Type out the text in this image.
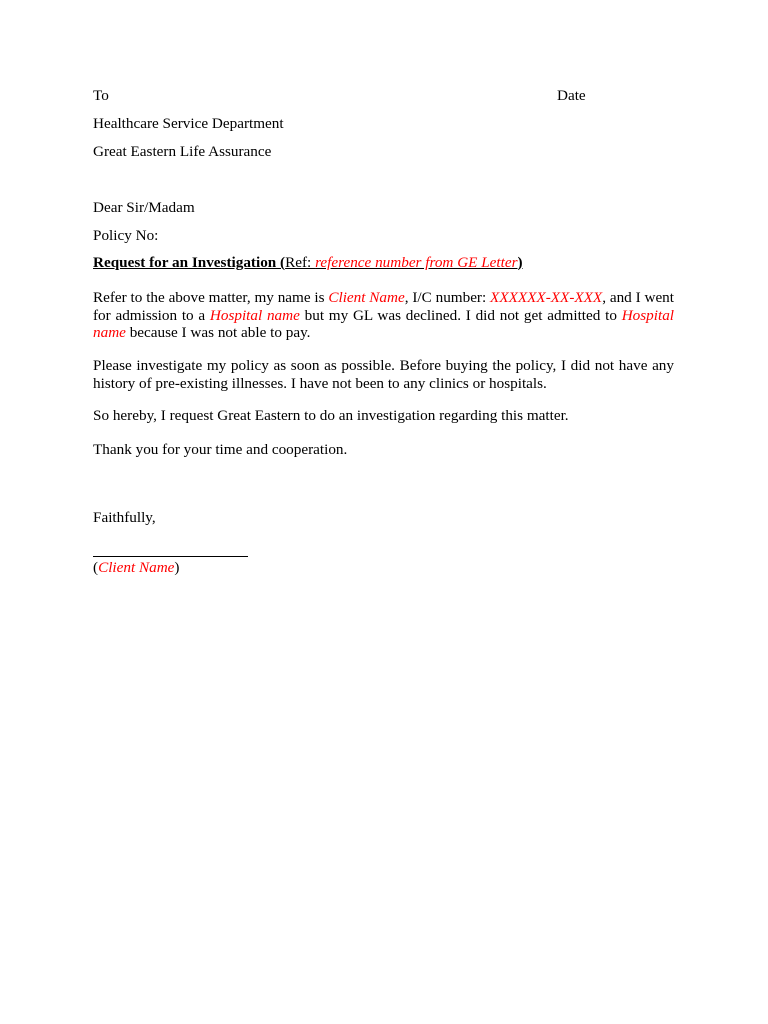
To	Date
Healthcare Service Department
Great Eastern Life Assurance
Dear Sir/Madam
Policy No:
Request for an Investigation (Ref: reference number from GE Letter)
Refer to the above matter, my name is Client Name, I/C number: XXXXXX-XX-XXX, and I went for admission to a Hospital name but my GL was declined. I did not get admitted to Hospital name because I was not able to pay.
Please investigate my policy as soon as possible. Before buying the policy, I did not have any history of pre-existing illnesses. I have not been to any clinics or hospitals.
So hereby, I request Great Eastern to do an investigation regarding this matter.
Thank you for your time and cooperation.
Faithfully,
(Client Name)
